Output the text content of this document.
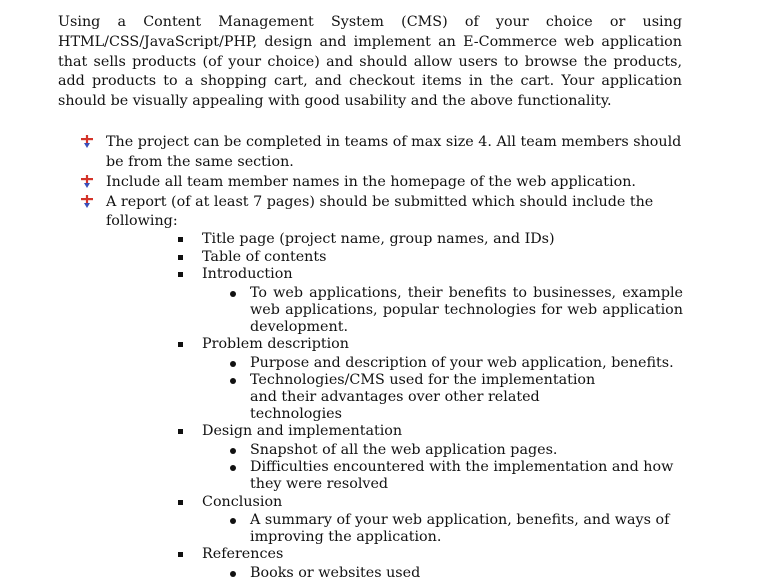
Using a Content Management System (CMS) of your choice or using HTML/CSS/JavaScript/PHP, design and implement an E-Commerce web application that sells products (of your choice) and should allow users to browse the products, add products to a shopping cart, and checkout items in the cart. Your application should be visually appealing with good usability and the above functionality.

The project can be completed in teams of max size 4. All team members should be from the same section.
Include all team member names in the homepage of the web application.
A report (of at least 7 pages) should be submitted which should include the following:
Title page (project name, group names, and IDs)
Table of contents
Introduction
To web applications, their benefits to businesses, example web applications, popular technologies for web application development.
Problem description
Purpose and description of your web application, benefits.
Technologies/CMS used for the implementation and their advantages over other related technologies
Design and implementation
Snapshot of all the web application pages.
Difficulties encountered with the implementation and how they were resolved
Conclusion
A summary of your web application, benefits, and ways of improving the application.
References
Books or websites used
